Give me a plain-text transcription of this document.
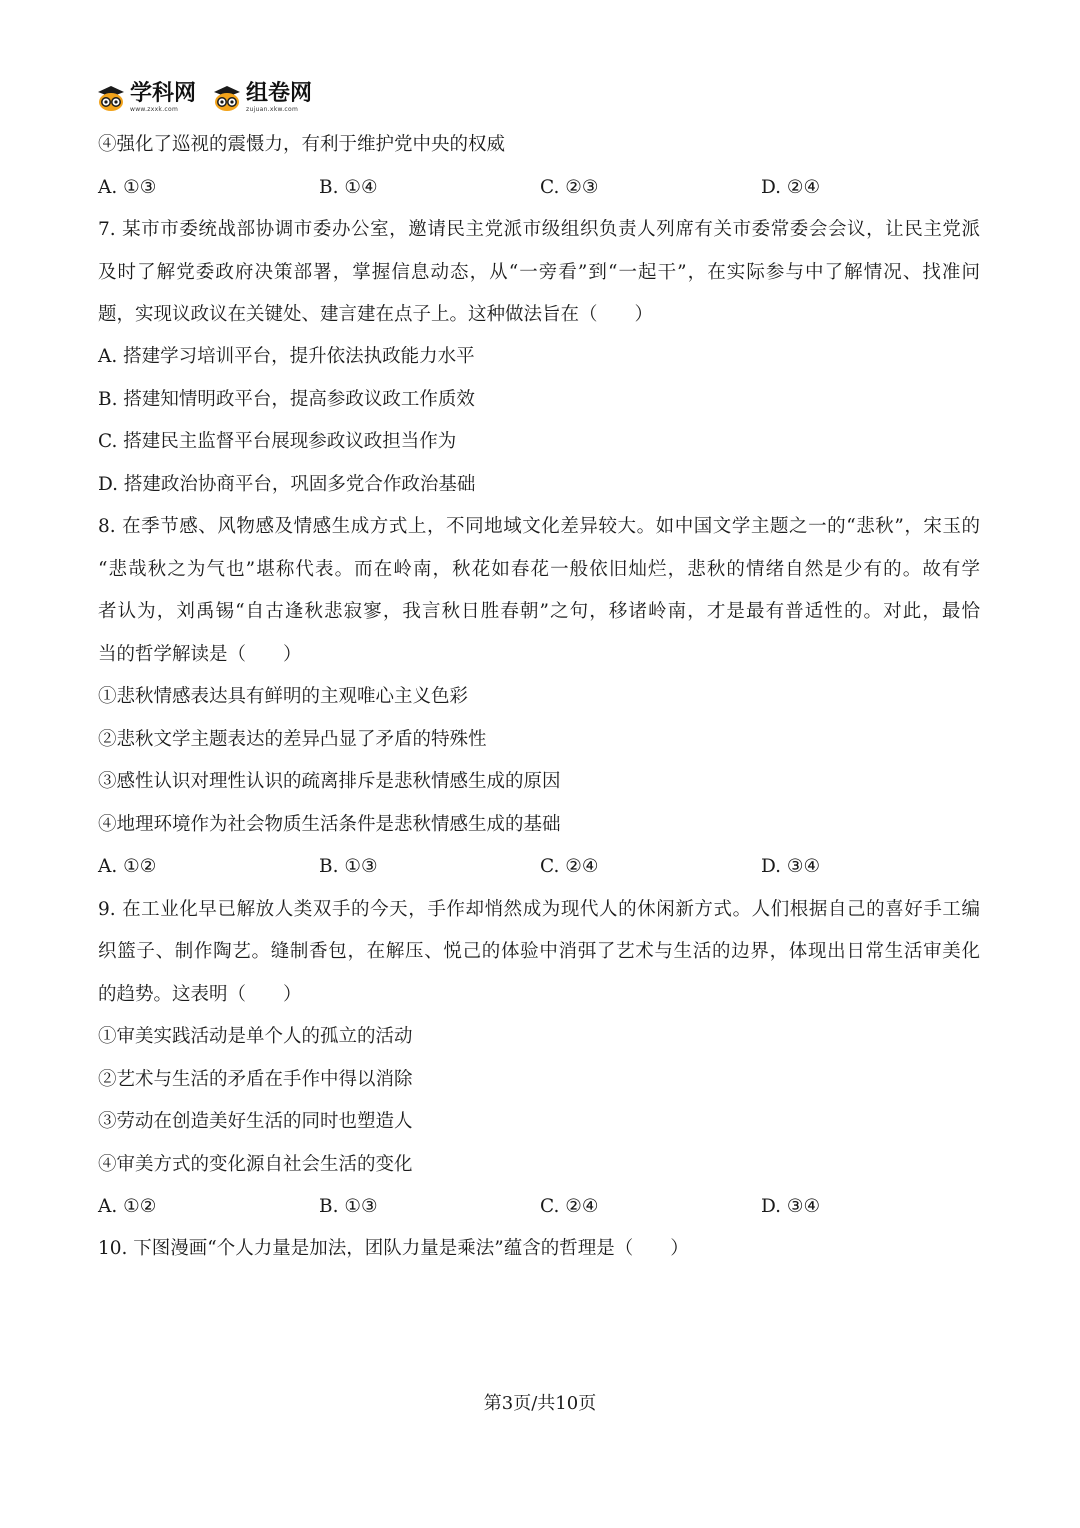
学科网
www.zxxk.com
组卷网
zujuan.xkw.com
④强化了巡视的震慑力，有利于维护党中央的权威
A. ①③	B. ①④	C. ②③	D. ②④
7. 某市市委统战部协调市委办公室，邀请民主党派市级组织负责人列席有关市委常委会会议，让民主党派
及时了解党委政府决策部署，掌握信息动态，从“一旁看”到“一起干”，在实际参与中了解情况、找准问
题，实现议政议在关键处、建言建在点子上。这种做法旨在（　　）
A. 搭建学习培训平台，提升依法执政能力水平
B. 搭建知情明政平台，提高参政议政工作质效
C. 搭建民主监督平台展现参政议政担当作为
D. 搭建政治协商平台，巩固多党合作政治基础
8. 在季节感、风物感及情感生成方式上，不同地域文化差异较大。如中国文学主题之一的“悲秋”，宋玉的
“悲哉秋之为气也”堪称代表。而在岭南，秋花如春花一般依旧灿烂，悲秋的情绪自然是少有的。故有学
者认为，刘禹锡“自古逢秋悲寂寥，我言秋日胜春朝”之句，移诸岭南，才是最有普适性的。对此，最恰
当的哲学解读是（　　）
①悲秋情感表达具有鲜明的主观唯心主义色彩
②悲秋文学主题表达的差异凸显了矛盾的特殊性
③感性认识对理性认识的疏离排斥是悲秋情感生成的原因
④地理环境作为社会物质生活条件是悲秋情感生成的基础
A. ①②	B. ①③	C. ②④	D. ③④
9. 在工业化早已解放人类双手的今天，手作却悄然成为现代人的休闲新方式。人们根据自己的喜好手工编
织篮子、制作陶艺。缝制香包，在解压、悦己的体验中消弭了艺术与生活的边界，体现出日常生活审美化
的趋势。这表明（　　）
①审美实践活动是单个人的孤立的活动
②艺术与生活的矛盾在手作中得以消除
③劳动在创造美好生活的同时也塑造人
④审美方式的变化源自社会生活的变化
A. ①②	B. ①③	C. ②④	D. ③④
10. 下图漫画“个人力量是加法，团队力量是乘法”蕴含的哲理是（　　）
第3页/共10页
